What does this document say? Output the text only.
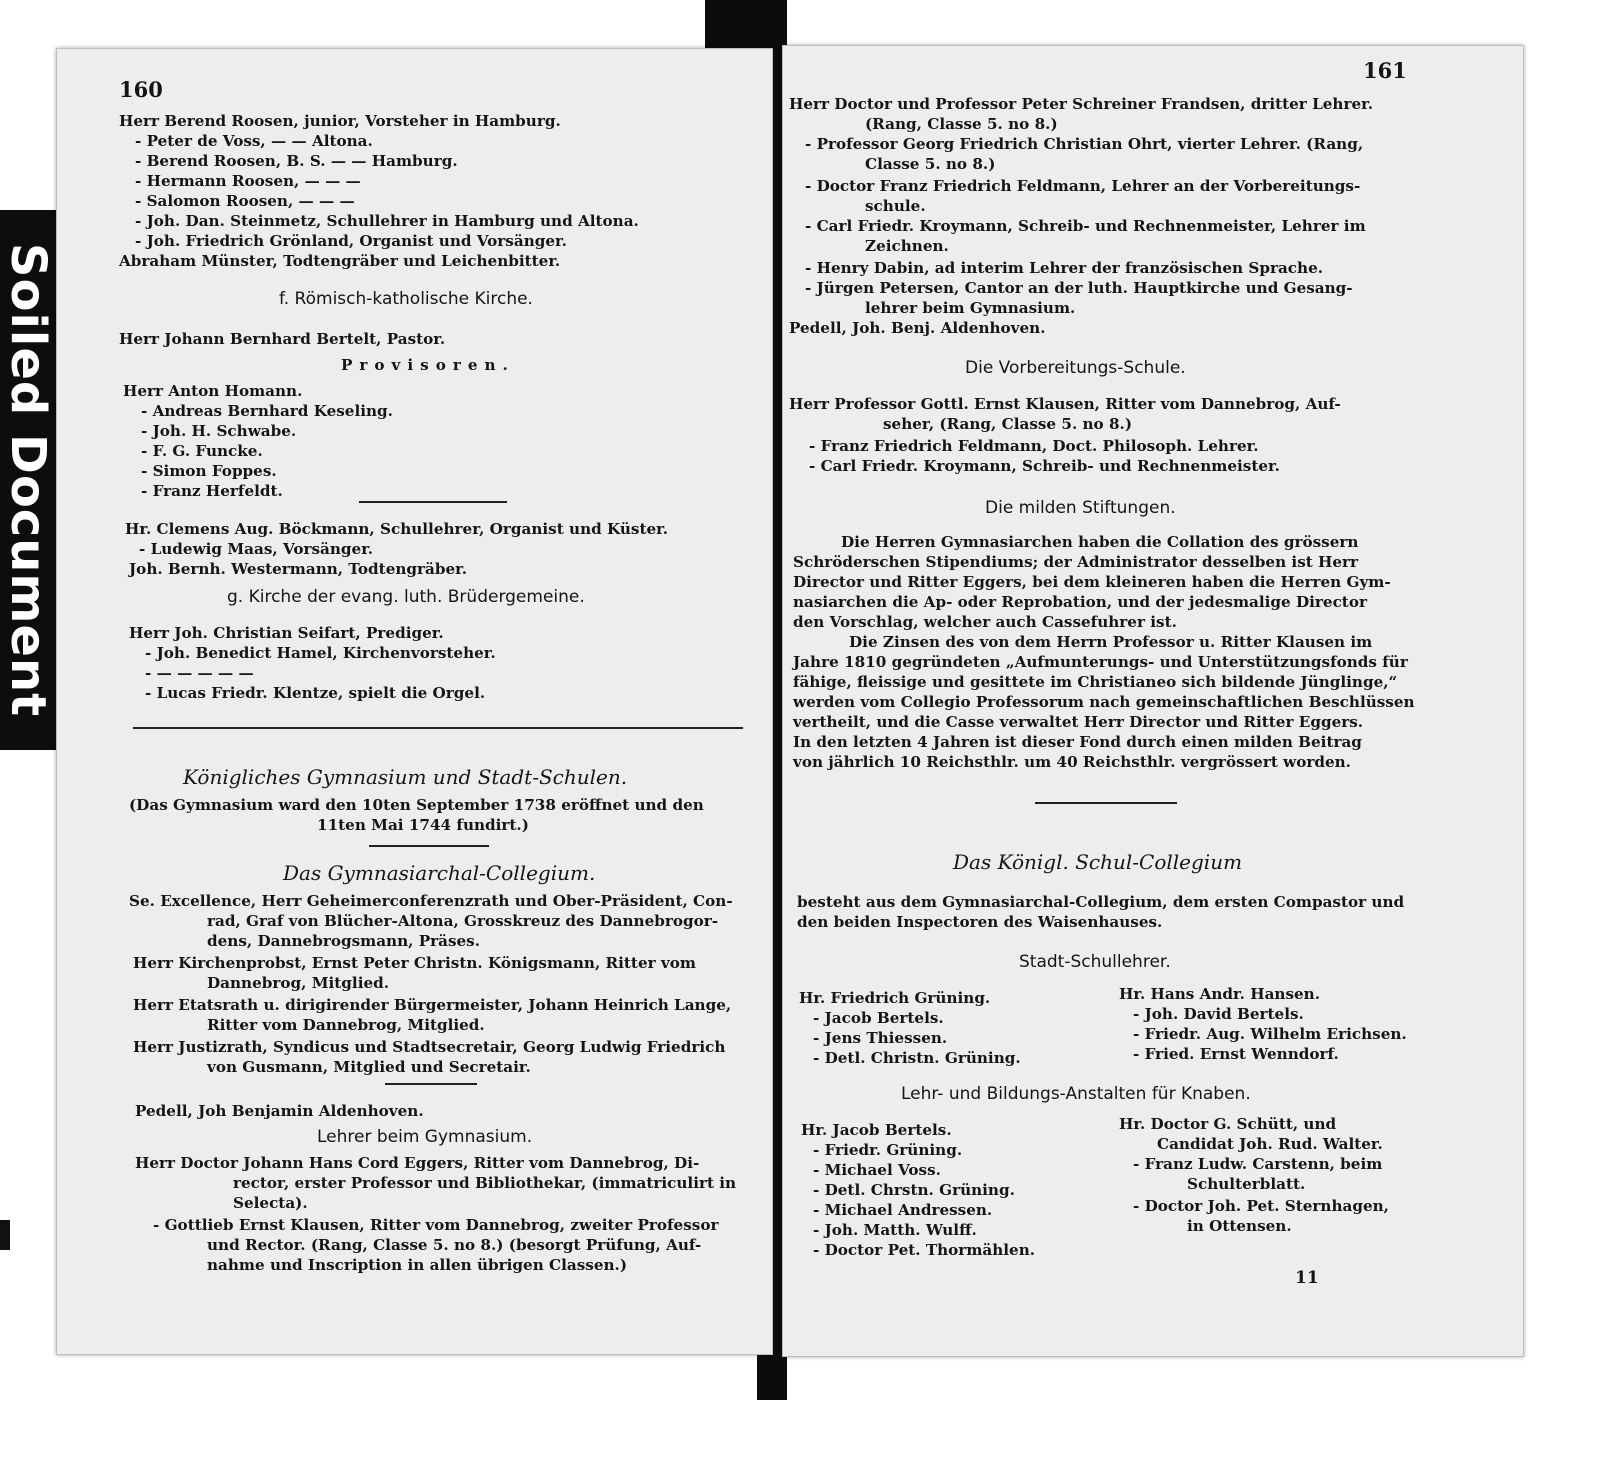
Soiled Document
160
Herr Berend Roosen, junior, Vorsteher in Hamburg.
- Peter de Voss, — — Altona.
- Berend Roosen, B. S. — — Hamburg.
- Hermann Roosen, — — —
- Salomon Roosen, — — —
- Joh. Dan. Steinmetz, Schullehrer in Hamburg und Altona.
- Joh. Friedrich Grönland, Organist und Vorsänger.
Abraham Münster, Todtengräber und Leichenbitter.
f. Römisch-katholische Kirche.
Herr Johann Bernhard Bertelt, Pastor.
Provisoren.
Herr Anton Homann.
- Andreas Bernhard Keseling.
- Joh. H. Schwabe.
- F. G. Funcke.
- Simon Foppes.
- Franz Herfeldt.
Hr. Clemens Aug. Böckmann, Schullehrer, Organist und Küster.
- Ludewig Maas, Vorsänger.
Joh. Bernh. Westermann, Todtengräber.
g. Kirche der evang. luth. Brüdergemeine.
Herr Joh. Christian Seifart, Prediger.
- Joh. Benedict Hamel, Kirchenvorsteher.
- — — — — —
- Lucas Friedr. Klentze, spielt die Orgel.
Königliches Gymnasium und Stadt-Schulen.
(Das Gymnasium ward den 10ten September 1738 eröffnet und den
11ten Mai 1744 fundirt.)
Das Gymnasiarchal-Collegium.
Se. Excellence, Herr Geheimerconferenzrath und Ober-Präsident, Con-
rad, Graf von Blücher-Altona, Grosskreuz des Dannebrogor-
dens, Dannebrogsmann, Präses.
Herr Kirchenprobst, Ernst Peter Christn. Königsmann, Ritter vom
Dannebrog, Mitglied.
Herr Etatsrath u. dirigirender Bürgermeister, Johann Heinrich Lange,
Ritter vom Dannebrog, Mitglied.
Herr Justizrath, Syndicus und Stadtsecretair, Georg Ludwig Friedrich
von Gusmann, Mitglied und Secretair.
Pedell, Joh Benjamin Aldenhoven.
Lehrer beim Gymnasium.
Herr Doctor Johann Hans Cord Eggers, Ritter vom Dannebrog, Di-
rector, erster Professor und Bibliothekar, (immatriculirt in
Selecta).
- Gottlieb Ernst Klausen, Ritter vom Dannebrog, zweiter Professor
und Rector. (Rang, Classe 5. no 8.) (besorgt Prüfung, Auf-
nahme und Inscription in allen übrigen Classen.)
161
Herr Doctor und Professor Peter Schreiner Frandsen, dritter Lehrer.
(Rang, Classe 5. no 8.)
- Professor Georg Friedrich Christian Ohrt, vierter Lehrer. (Rang,
Classe 5. no 8.)
- Doctor Franz Friedrich Feldmann, Lehrer an der Vorbereitungs-
schule.
- Carl Friedr. Kroymann, Schreib- und Rechnenmeister, Lehrer im
Zeichnen.
- Henry Dabin, ad interim Lehrer der französischen Sprache.
- Jürgen Petersen, Cantor an der luth. Hauptkirche und Gesang-
lehrer beim Gymnasium.
Pedell, Joh. Benj. Aldenhoven.
Die Vorbereitungs-Schule.
Herr Professor Gottl. Ernst Klausen, Ritter vom Dannebrog, Auf-
seher, (Rang, Classe 5. no 8.)
- Franz Friedrich Feldmann, Doct. Philosoph. Lehrer.
- Carl Friedr. Kroymann, Schreib- und Rechnenmeister.
Die milden Stiftungen.
Die Herren Gymnasiarchen haben die Collation des grössern
Schröderschen Stipendiums; der Administrator desselben ist Herr
Director und Ritter Eggers, bei dem kleineren haben die Herren Gym-
nasiarchen die Ap- oder Reprobation, und der jedesmalige Director
den Vorschlag, welcher auch Cassefuhrer ist.
Die Zinsen des von dem Herrn Professor u. Ritter Klausen im
Jahre 1810 gegründeten „Aufmunterungs- und Unterstützungsfonds für
fähige, fleissige und gesittete im Christianeo sich bildende Jünglinge,“
werden vom Collegio Professorum nach gemeinschaftlichen Beschlüssen
vertheilt, und die Casse verwaltet Herr Director und Ritter Eggers.
In den letzten 4 Jahren ist dieser Fond durch einen milden Beitrag
von jährlich 10 Reichsthlr. um 40 Reichsthlr. vergrössert worden.
Das Königl. Schul-Collegium
besteht aus dem Gymnasiarchal-Collegium, dem ersten Compastor und
den beiden Inspectoren des Waisenhauses.
Stadt-Schullehrer.
Hr. Friedrich Grüning.
- Jacob Bertels.
- Jens Thiessen.
- Detl. Christn. Grüning.
Hr. Hans Andr. Hansen.
- Joh. David Bertels.
- Friedr. Aug. Wilhelm Erichsen.
- Fried. Ernst Wenndorf.
Lehr- und Bildungs-Anstalten für Knaben.
Hr. Jacob Bertels.
- Friedr. Grüning.
- Michael Voss.
- Detl. Chrstn. Grüning.
- Michael Andressen.
- Joh. Matth. Wulff.
- Doctor Pet. Thormählen.
Hr. Doctor G. Schütt, und
Candidat Joh. Rud. Walter.
- Franz Ludw. Carstenn, beim
Schulterblatt.
- Doctor Joh. Pet. Sternhagen,
in Ottensen.
11
